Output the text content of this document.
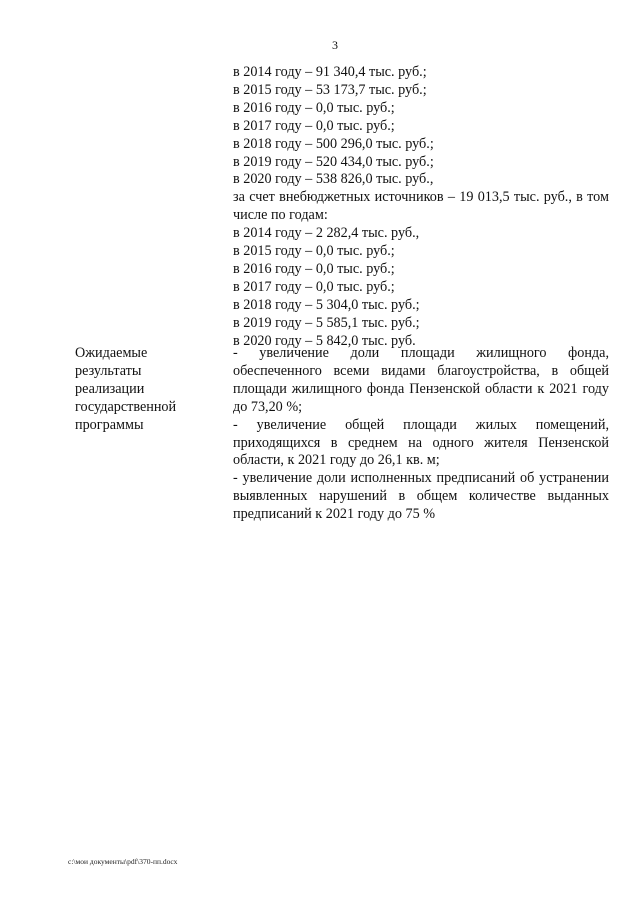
3
в 2014 году – 91 340,4 тыс. руб.;
в 2015 году – 53 173,7 тыс. руб.;
в 2016 году – 0,0 тыс. руб.;
в 2017 году – 0,0 тыс. руб.;
в 2018 году – 500 296,0 тыс. руб.;
в 2019 году – 520 434,0 тыс. руб.;
в 2020 году – 538 826,0 тыс. руб.,
за счет внебюджетных источников – 19 013,5 тыс. руб., в том числе по годам:
в 2014 году – 2 282,4 тыс. руб.,
в 2015 году – 0,0 тыс. руб.;
в 2016 году – 0,0 тыс. руб.;
в 2017 году – 0,0 тыс. руб.;
в 2018 году – 5 304,0 тыс. руб.;
в 2019 году – 5 585,1 тыс. руб.;
в 2020 году – 5 842,0 тыс. руб.
Ожидаемые
результаты
реализации
государственной
программы
- увеличение доли площади жилищного фонда, обеспеченного всеми видами благоустройства, в общей площади жилищного фонда Пензенской области к 2021 году до 73,20 %;
- увеличение общей площади жилых помещений, приходящихся в среднем на одного жителя Пензенской области, к 2021 году до 26,1 кв. м;
- увеличение доли исполненных предписаний об устранении выявленных нарушений в общем количестве выданных предписаний к 2021 году до 75 %
c:\мои документы\pdf\370-пп.docx
